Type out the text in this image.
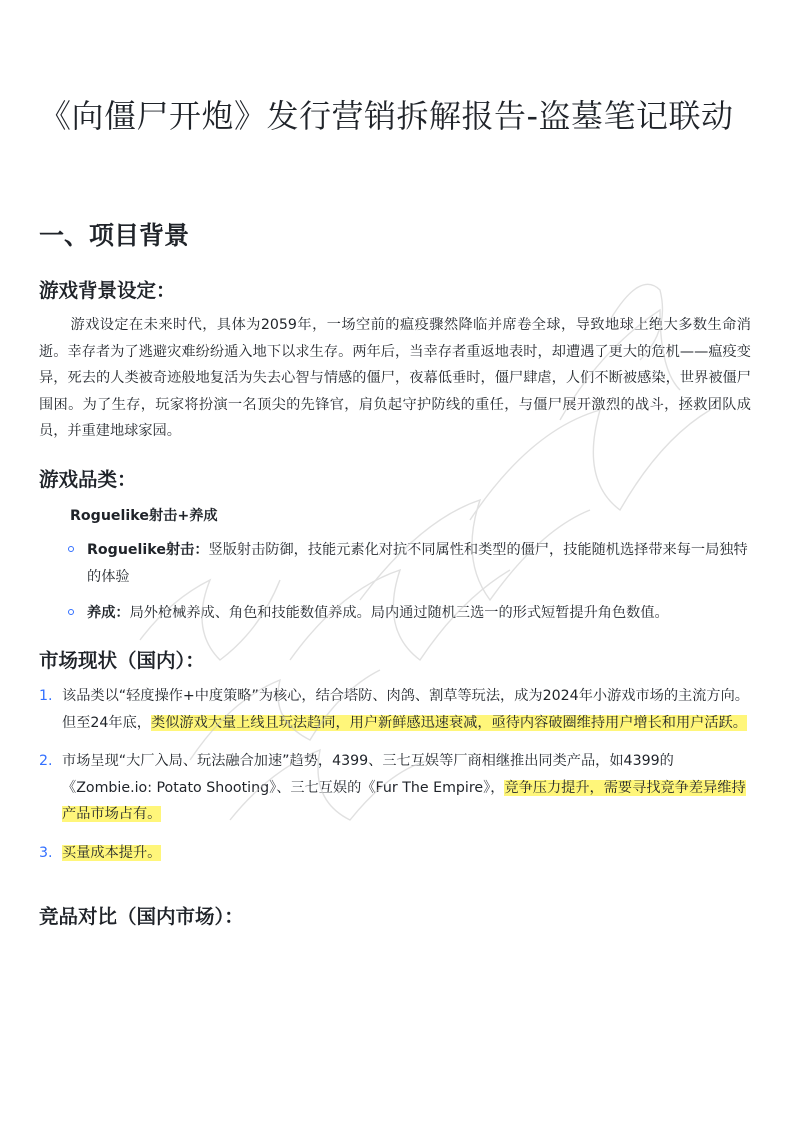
《向僵尸开炮》发行营销拆解报告-盗墓笔记联动
一、项目背景
游戏背景设定：

游戏设定在未来时代，具体为2059年，一场空前的瘟疫骤然降临并席卷全球，导致地球上绝大多数生命消逝。幸存者为了逃避灾难纷纷遁入地下以求生存。两年后，当幸存者重返地表时，却遭遇了更大的危机——瘟疫变异，死去的人类被奇迹般地复活为失去心智与情感的僵尸，夜幕低垂时，僵尸肆虐，人们不断被感染，世界被僵尸围困。为了生存，玩家将扮演一名顶尖的先锋官，肩负起守护防线的重任，与僵尸展开激烈的战斗，拯救团队成员，并重建地球家园。

游戏品类：
Roguelike射击+养成
Roguelike射击：竖版射击防御，技能元素化对抗不同属性和类型的僵尸，技能随机选择带来每一局独特的体验
养成：局外枪械养成、角色和技能数值养成。局内通过随机三选一的形式短暂提升角色数值。
市场现状（国内）：
1. 该品类以“轻度操作+中度策略”为核心，结合塔防、肉鸽、割草等玩法，成为2024年小游戏市场的主流方向。但至24年底，类似游戏大量上线且玩法趋同，用户新鲜感迅速衰减，亟待内容破圈维持用户增长和用户活跃。
2. 市场呈现“大厂入局、玩法融合加速”趋势，4399、三七互娱等厂商相继推出同类产品，如4399的《Zombie.io: Potato Shooting》、三七互娱的《Fur The Empire》，竞争压力提升，需要寻找竞争差异维持产品市场占有。
3. 买量成本提升。
竞品对比（国内市场）：
